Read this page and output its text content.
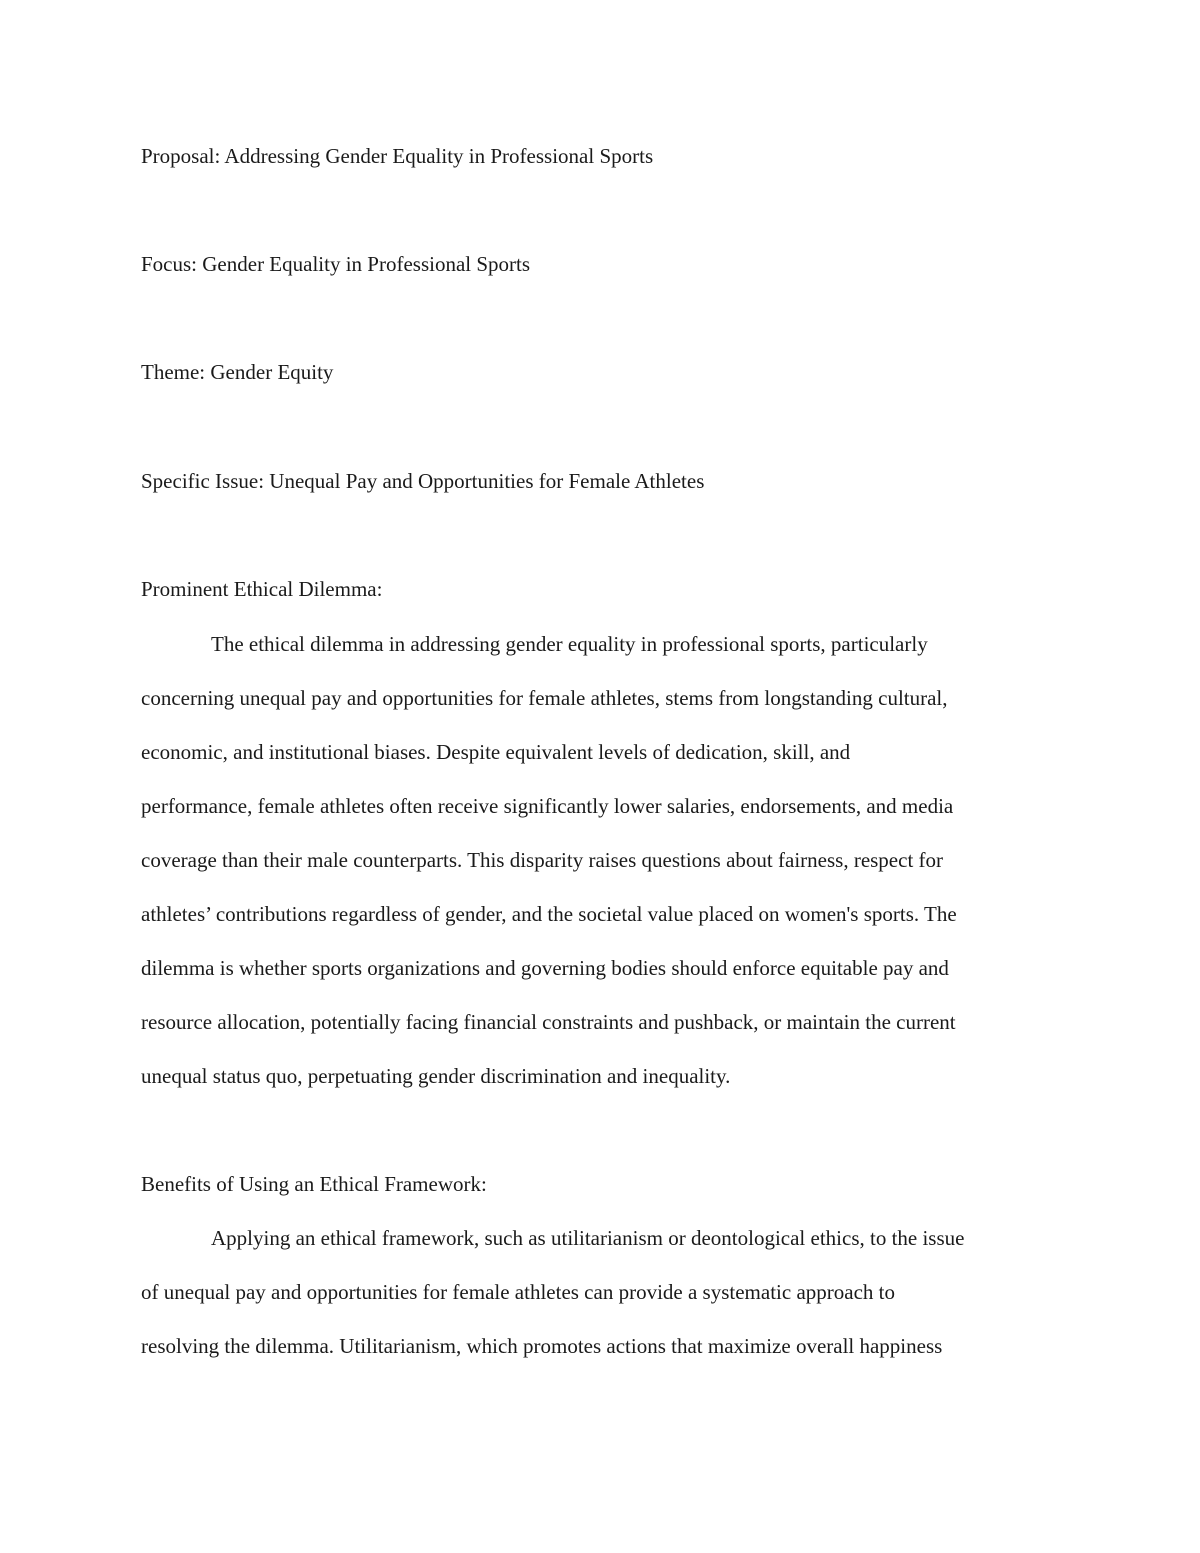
Proposal: Addressing Gender Equality in Professional Sports
Focus: Gender Equality in Professional Sports
Theme: Gender Equity
Specific Issue: Unequal Pay and Opportunities for Female Athletes
Prominent Ethical Dilemma:
The ethical dilemma in addressing gender equality in professional sports, particularly
concerning unequal pay and opportunities for female athletes, stems from longstanding cultural,
economic, and institutional biases. Despite equivalent levels of dedication, skill, and
performance, female athletes often receive significantly lower salaries, endorsements, and media
coverage than their male counterparts. This disparity raises questions about fairness, respect for
athletes’ contributions regardless of gender, and the societal value placed on women's sports. The
dilemma is whether sports organizations and governing bodies should enforce equitable pay and
resource allocation, potentially facing financial constraints and pushback, or maintain the current
unequal status quo, perpetuating gender discrimination and inequality.
Benefits of Using an Ethical Framework:
Applying an ethical framework, such as utilitarianism or deontological ethics, to the issue
of unequal pay and opportunities for female athletes can provide a systematic approach to
resolving the dilemma. Utilitarianism, which promotes actions that maximize overall happiness
